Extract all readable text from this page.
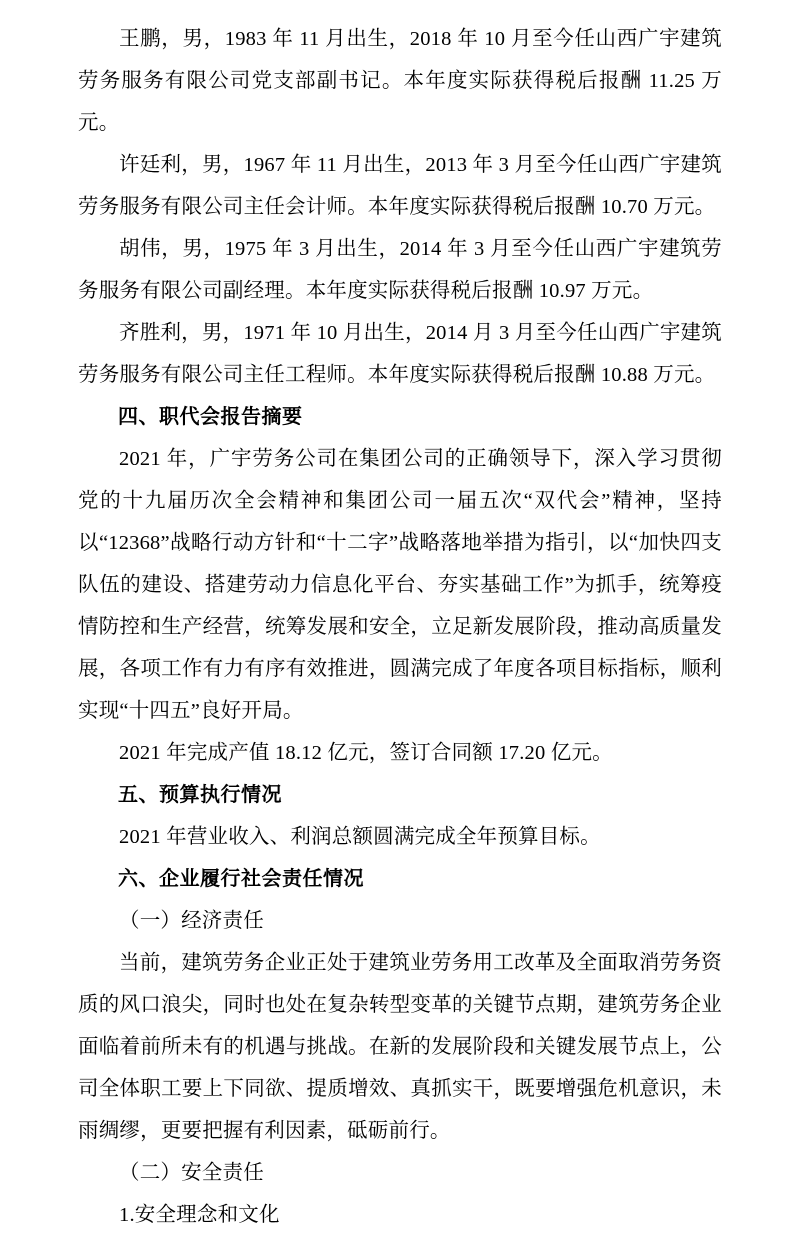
王鹏，男，1983 年 11 月出生，2018 年 10 月至今任山西广宇建筑劳务服务有限公司党支部副书记。本年度实际获得税后报酬 11.25 万元。

许廷利，男，1967 年 11 月出生，2013 年 3 月至今任山西广宇建筑劳务服务有限公司主任会计师。本年度实际获得税后报酬 10.70 万元。

胡伟，男，1975 年 3 月出生，2014 年 3 月至今任山西广宇建筑劳务服务有限公司副经理。本年度实际获得税后报酬 10.97 万元。

齐胜利，男，1971 年 10 月出生，2014 月 3 月至今任山西广宇建筑劳务服务有限公司主任工程师。本年度实际获得税后报酬 10.88 万元。

四、职代会报告摘要

2021 年，广宇劳务公司在集团公司的正确领导下，深入学习贯彻党的十九届历次全会精神和集团公司一届五次“双代会”精神，坚持以“12368”战略行动方针和“十二字”战略落地举措为指引，以“加快四支队伍的建设、搭建劳动力信息化平台、夯实基础工作”为抓手，统筹疫情防控和生产经营，统筹发展和安全，立足新发展阶段，推动高质量发展，各项工作有力有序有效推进，圆满完成了年度各项目标指标，顺利实现“十四五”良好开局。

2021 年完成产值 18.12 亿元，签订合同额 17.20 亿元。

五、预算执行情况

2021 年营业收入、利润总额圆满完成全年预算目标。

六、企业履行社会责任情况

（一）经济责任

当前，建筑劳务企业正处于建筑业劳务用工改革及全面取消劳务资质的风口浪尖，同时也处在复杂转型变革的关键节点期，建筑劳务企业面临着前所未有的机遇与挑战。在新的发展阶段和关键发展节点上，公司全体职工要上下同欲、提质增效、真抓实干，既要增强危机意识，未雨绸缪，更要把握有利因素，砥砺前行。

（二）安全责任

1.安全理念和文化
